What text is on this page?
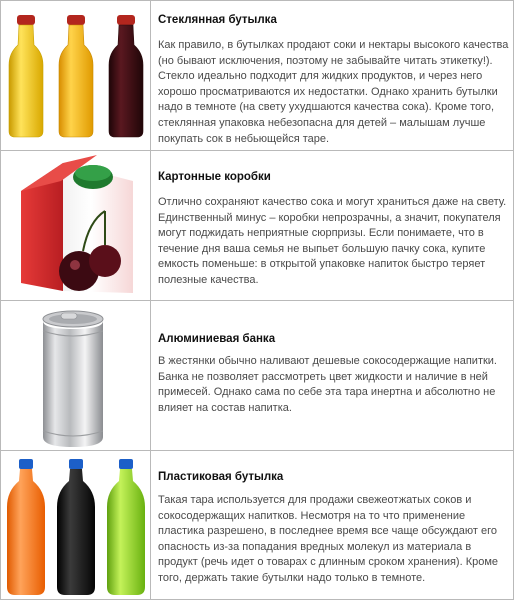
Стеклянная бутылка
Как правило, в бутылках продают соки и нектары высокого качества (но бывают исключения, поэтому не забывайте читать этикетку!). Стекло идеально подходит для жидких продуктов, и через него хорошо просматриваются их недостатки. Однако хранить бутылки надо в темноте (на свету ухудшаются качества сока). Кроме того, стеклянная упаковка небезопасна для детей – малышам лучше покупать сок в небьющейся таре.
Картонные коробки
Отлично сохраняют качество сока и могут храниться даже на свету. Единственный минус – коробки непрозрачны, а значит, покупателя могут поджидать неприятные сюрпризы. Если понимаете, что в течение дня ваша семья не выпьет большую пачку сока, купите емкость поменьше: в открытой упаковке напиток быстро теряет полезные качества.
Алюминиевая банка
В жестянки обычно наливают дешевые сокосодержащие напитки. Банка не позволяет рассмотреть цвет жидкости и наличие в ней примесей. Однако сама по себе эта тара инертна и абсолютно не влияет на состав напитка.
Пластиковая бутылка
Такая тара используется для продажи свежеотжатых соков и сокосодержащих напитков. Несмотря на то что применение пластика разрешено, в последнее время все чаще обсуждают его опасность из-за попадания вредных молекул из материала в продукт (речь идет о товарах с длинным сроком хранения). Кроме того, держать такие бутылки надо только в темноте.
